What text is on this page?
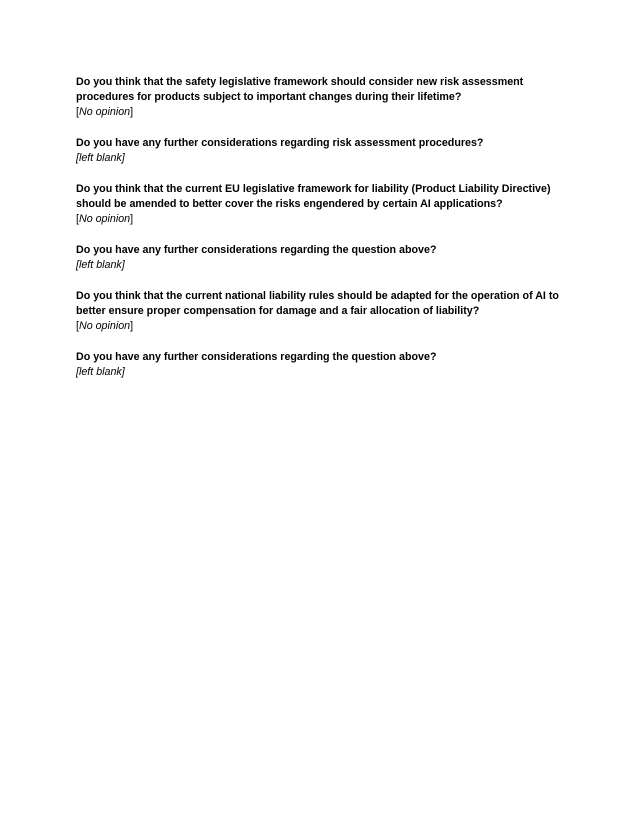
Do you think that the safety legislative framework should consider new risk assessment procedures for products subject to important changes during their lifetime?

[No opinion]

Do you have any further considerations regarding risk assessment procedures?

[left blank]

Do you think that the current EU legislative framework for liability (Product Liability Directive) should be amended to better cover the risks engendered by certain AI applications?

[No opinion]

Do you have any further considerations regarding the question above?

[left blank]

Do you think that the current national liability rules should be adapted for the operation of AI to better ensure proper compensation for damage and a fair allocation of liability?

[No opinion]

Do you have any further considerations regarding the question above?

[left blank]
